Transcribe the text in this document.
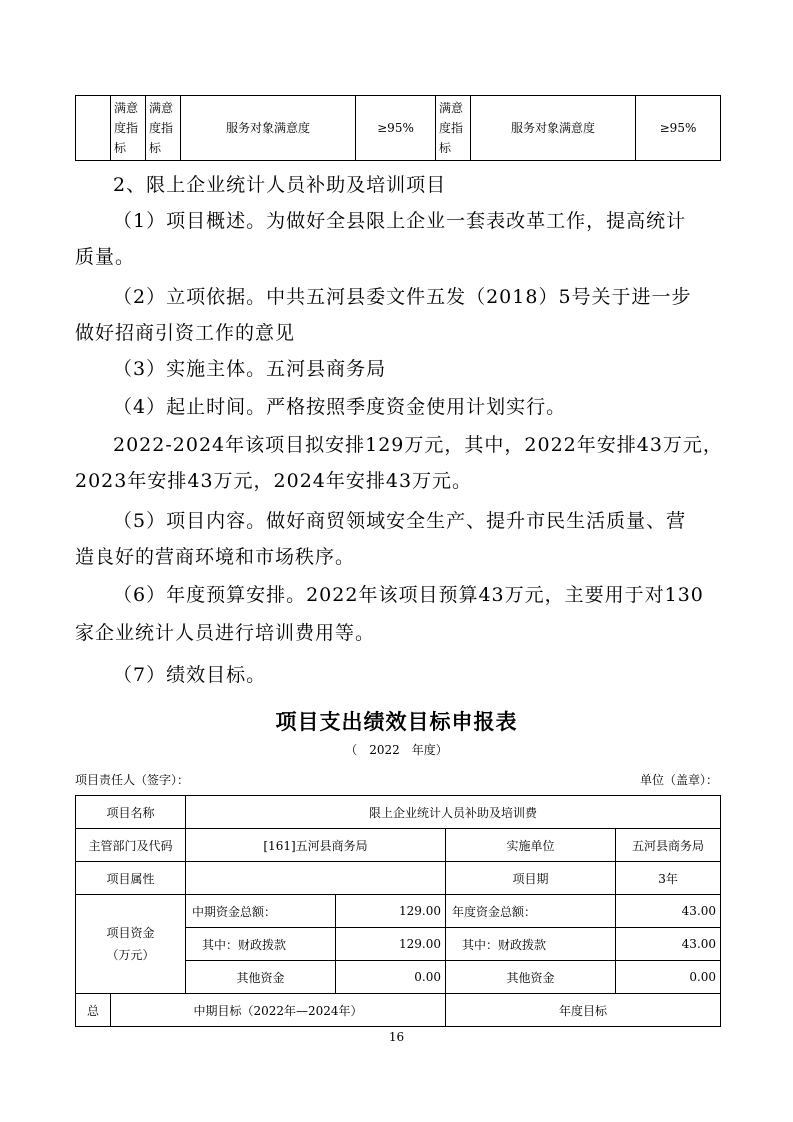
	满意度指标	满意度指标	服务对象满意度	≥95%	满意度指标	服务对象满意度	≥95%
2、限上企业统计人员补助及培训项目
（1）项目概述。为做好全县限上企业一套表改革工作，提高统计
质量。
（2）立项依据。中共五河县委文件五发（2018）5号关于进一步
做好招商引资工作的意见
（3）实施主体。五河县商务局
（4）起止时间。严格按照季度资金使用计划实行。
2022-2024年该项目拟安排129万元，其中，2022年安排43万元，
2023年安排43万元，2024年安排43万元。
（5）项目内容。做好商贸领域安全生产、提升市民生活质量、营
造良好的营商环境和市场秩序。
（6）年度预算安排。2022年该项目预算43万元，主要用于对130
家企业统计人员进行培训费用等。
（7）绩效目标。
项目支出绩效目标申报表
（　2022　年度）
项目责任人（签字）：	单位（盖章）：
项目名称		限上企业统计人员补助及培训费			
主管部门及代码		[161]五河县商务局		实施单位	五河县商务局
项目属性				项目期	3年

项目资金
（万元）		中期资金总额：	129.00	年度资金总额：	43.00
		其中：财政拨款	129.00	其中：财政拨款	43.00
		其他资金	0.00	其他资金	0.00
总	中期目标（2022年—2024年）			年度目标	
16
